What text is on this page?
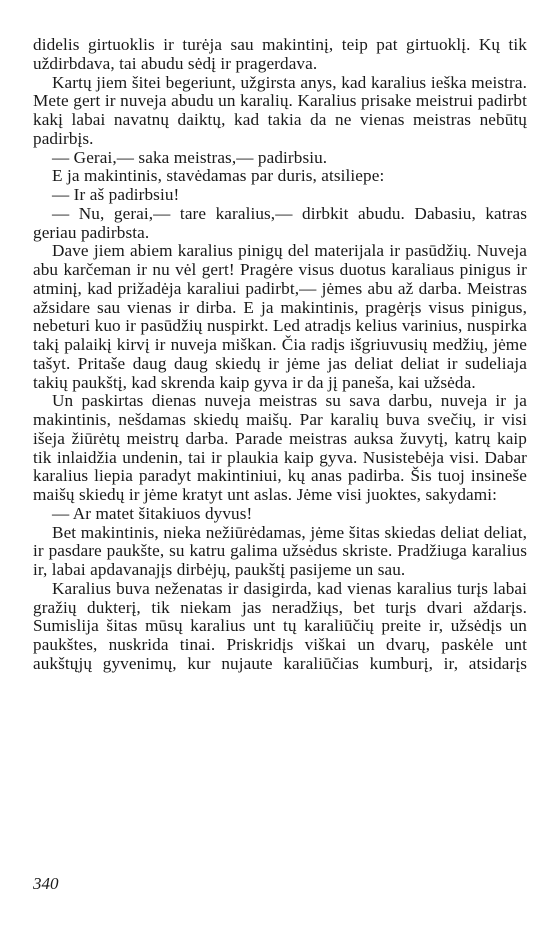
didelis girtuoklis ir turėja sau makintinį, teip pat girtuoklį. Kų tik uždirbdava, tai abudu sėdį ir pragerdava.

Kartų jiem šitei begeriunt, užgirsta anys, kad karalius ieška meistra. Mete gert ir nuveja abudu un karalių. Karalius prisake meistrui padirbt kakį labai navatnų daiktų, kad takia da ne vienas meistras nebūtų padirbįs.

— Gerai,— saka meistras,— padirbsiu.

E ja makintinis, stavėdamas par duris, atsiliepe:

— Ir aš padirbsiu!

— Nu, gerai,— tare karalius,— dirbkit abudu. Dabasiu, katras geriau padirbsta.

Dave jiem abiem karalius pinigų del materijala ir pasūdžių. Nuveja abu karčeman ir nu vėl gert! Pragėre visus duotus karaliaus pinigus ir atminį, kad prižadėja karaliui padirbt,— jėmes abu až darba. Meistras ažsidare sau vienas ir dirba. E ja makintinis, pragėrįs visus pinigus, nebeturi kuo ir pasūdžių nuspirkt. Led atradįs kelius varinius, nuspirka takį palaikį kirvį ir nuveja miškan. Čia radįs išgriuvusių medžių, jėme tašyt. Pritaše daug daug skiedų ir jėme jas deliat deliat ir sudeliaja takių paukštį, kad skrenda kaip gyva ir da jį paneša, kai užsėda.

Un paskirtas dienas nuveja meistras su sava darbu, nuveja ir ja makintinis, nešdamas skiedų maišų. Par karalių buva svečių, ir visi išeja žiūrėtų meistrų darba. Parade meistras auksa žuvytį, katrų kaip tik inlaidžia undenin, tai ir plaukia kaip gyva. Nusistebėja visi. Dabar karalius liepia paradyt makintiniui, kų anas padirba. Šis tuoj insineše maišų skiedų ir jėme kratyt unt aslas. Jėme visi juoktes, sakydami:

— Ar matet šitakiuos dyvus!

Bet makintinis, nieka nežiūrėdamas, jėme šitas skiedas deliat deliat, ir pasdare paukšte, su katru galima užsėdus skriste. Pradžiuga karalius ir, labai apdavanajįs dirbėjų, paukštį pasijeme un sau.

Karalius buva neženatas ir dasigirda, kad vienas karalius turįs labai gražių dukterį, tik niekam jas neradžiųs, bet turįs dvari aždarįs. Sumislija šitas mūsų karalius unt tų karaliūčių preite ir, užsėdįs un paukštes, nuskrida tinai. Priskridįs viškai un dvarų, paskėle unt aukštųjų gyvenimų, kur nujaute karaliūčias kumburį, ir, atsidarįs

340
